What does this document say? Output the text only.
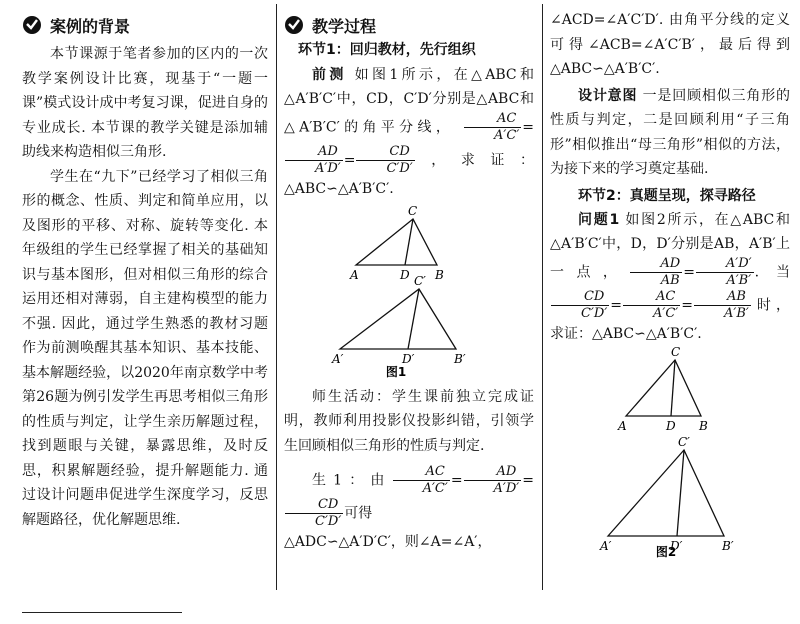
案例的背景

本节课源于笔者参加的区内的一次教学案例设计比赛，现基于“一题一课”模式设计成中考复习课，促进自身的专业成长. 本节课的教学关键是添加辅助线来构造相似三角形.

学生在“九下”已经学习了相似三角形的概念、性质、判定和简单应用，以及图形的平移、对称、旋转等变化. 本年级组的学生已经掌握了相关的基础知识与基本图形，但对相似三角形的综合运用还相对薄弱，自主建构模型的能力不强. 因此，通过学生熟悉的教材习题作为前测唤醒其基本知识、基本技能、基本解题经验，以2020年南京数学中考第26题为例引发学生再思考相似三角形的性质与判定，让学生亲历解题过程，找到题眼与关键，暴露思维，及时反思，积累解题经验，提升解题能力. 通过设计问题串促进学生深度学习，反思解题路径，优化解题思维.

教学过程

环节1：回归教材，先行组织

前测 如图1所示，在△ABC和△A′B′C′中，CD，C′D′分别是△ABC和△A′B′C′的角平分线， $\frac{AC}{A'C'}$ =
$\frac{AD}{A'D'} = \frac{CD}{C'D'}$ ，求证：△ABC∽△A′B′C′.

C
A	D B
C′
A′	D′	B′
图1

师生活动：学生课前独立完成证明，教师利用投影仪投影纠错，引领学生回顾相似三角形的性质与判定.

生1：由 $\frac{AC}{A'C'} = \frac{AD}{A'D'}$ =
$\frac{CD}{C'D'}$ 可得

△ADC∽△A′D′C′，则∠A=∠A′，

∠ACD=∠A′C′D′. 由角平分线的定义可得∠ACB=∠A′C′B′，最后得到△ABC∽△A′B′C′.

设计意图 一是回顾相似三角形的性质与判定，二是回顾利用“子三角形”相似推出“母三角形”相似的方法，为接下来的学习奠定基础.

环节2：真题呈现，探寻路径

问题1 如图2所示，在△ABC和△A′B′C′中，D，D′分别是AB，A′B′上一点， $\frac{AD}{AB} = \frac{A'D'}{A'B'}$ . 当
$\frac{CD}{C'D'} = \frac{AC}{A'C'} = \frac{AB}{A'B'}$ 时，求证：△ABC∽△A′B′C′.

C
A	D B
C′
A′	D′	B′
图2
